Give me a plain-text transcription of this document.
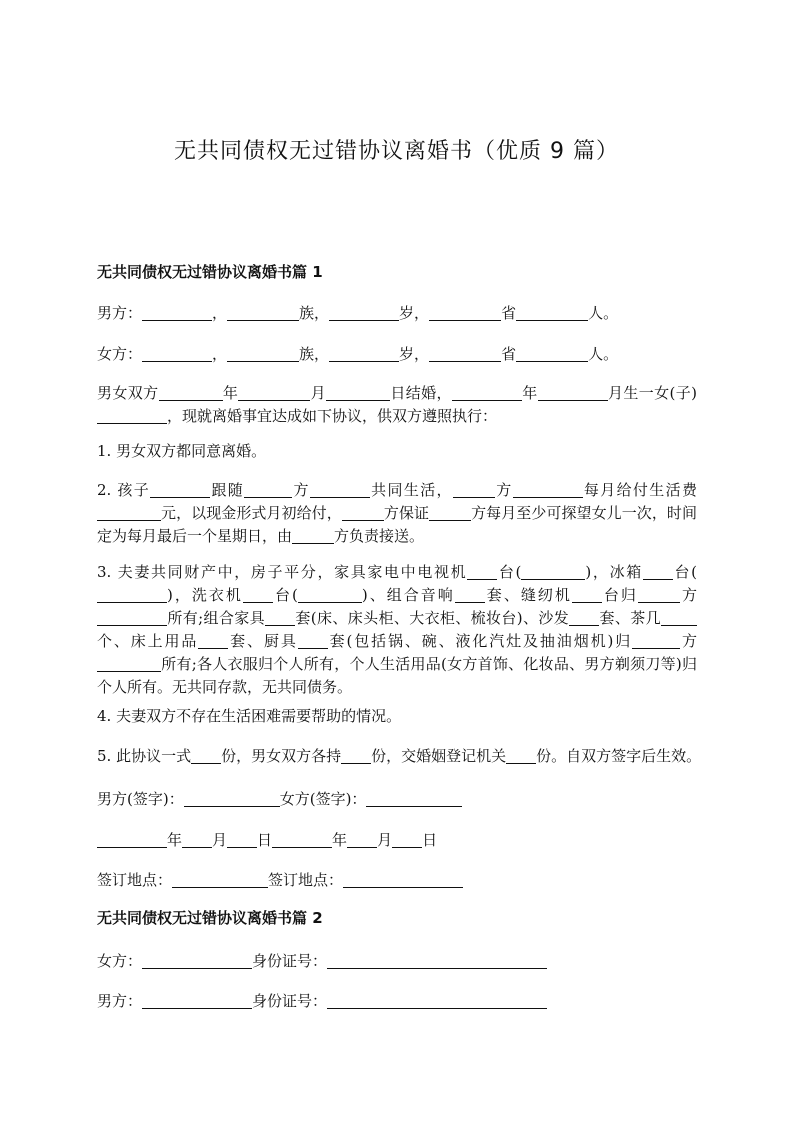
无共同债权无过错协议离婚书（优质 9 篇）
无共同债权无过错协议离婚书篇 1
男方：	，	族，	岁，	省	人。
女方：	，	族，	岁，	省	人。
男女双方	年	月	日结婚，	年	月生一女(子)，现就离婚事宜达成如下协议，供双方遵照执行：
1. 男女双方都同意离婚。
2. 孩子	跟随	方	共同生活，	方	每月给付生活费元，以现金形式月初给付，	方保证	方每月至少可探望女儿一次，时间定为每月最后一个星期日，由	方负责接送。
3. 夫妻共同财产中，房子平分，家具家电中电视机 台(	)，冰箱 台()，洗衣机 台(	)、组合音响 套、缝纫机 台归	方所有;组合家具 套(床、床头柜、大衣柜、梳妆台)、沙发 套、茶几个、床上用品 套、厨具 套(包括锅、碗、液化汽灶及抽油烟机)归	方所有;各人衣服归个人所有，个人生活用品(女方首饰、化妆品、男方剃须刀等)归个人所有。无共同存款，无共同债务。
4. 夫妻双方不存在生活困难需要帮助的情况。
5. 此协议一式 份，男女双方各持 份，交婚姻登记机关 份。自双方签字后生效。
男方(签字)：	女方(签字)：
年 月 日	年 月 日
签订地点：	签订地点：
无共同债权无过错协议离婚书篇 2
女方：	身份证号：
男方：	身份证号：
